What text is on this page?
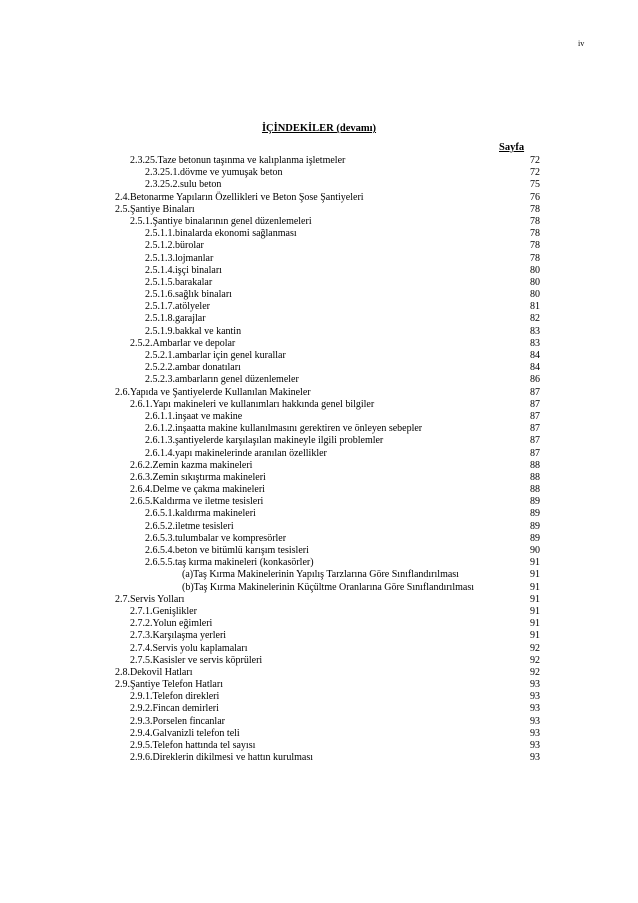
iv
İÇİNDEKİLER (devamı)
Sayfa
2.3.25.Taze betonun taşınma ve kalıplanma işletmeler	72
2.3.25.1.dövme ve yumuşak beton	72
2.3.25.2.sulu beton	75
2.4.Betonarme Yapıların Özellikleri ve Beton Şose Şantiyeleri	76
2.5.Şantiye Binaları	78
2.5.1.Şantiye binalarının genel düzenlemeleri	78
2.5.1.1.binalarda ekonomi sağlanması	78
2.5.1.2.bürolar	78
2.5.1.3.lojmanlar	78
2.5.1.4.işçi binaları	80
2.5.1.5.barakalar	80
2.5.1.6.sağlık binaları	80
2.5.1.7.atölyeler	81
2.5.1.8.garajlar	82
2.5.1.9.bakkal ve kantin	83
2.5.2.Ambarlar ve depolar	83
2.5.2.1.ambarlar için genel kurallar	84
2.5.2.2.ambar donatıları	84
2.5.2.3.ambarların genel düzenlemeler	86
2.6.Yapıda ve Şantiyelerde Kullanılan Makineler	87
2.6.1.Yapı makineleri ve kullanımları hakkında genel bilgiler	87
2.6.1.1.inşaat ve makine	87
2.6.1.2.inşaatta makine kullanılmasını gerektiren ve önleyen sebepler	87
2.6.1.3.şantiyelerde karşılaşılan makineyle ilgili problemler	87
2.6.1.4.yapı makinelerinde aranılan özellikler	87
2.6.2.Zemin kazma makineleri	88
2.6.3.Zemin sıkıştırma makineleri	88
2.6.4.Delme ve çakma makineleri	88
2.6.5.Kaldırma ve iletme tesisleri	89
2.6.5.1.kaldırma makineleri	89
2.6.5.2.iletme tesisleri	89
2.6.5.3.tulumbalar ve kompresörler	89
2.6.5.4.beton ve bitümlü karışım tesisleri	90
2.6.5.5.taş kırma makineleri (konkasörler)	91
(a)Taş Kırma Makinelerinin Yapılış Tarzlarına Göre Sınıflandırılması	91
(b)Taş Kırma Makinelerinin Küçültme Oranlarına Göre Sınıflandırılması	91
2.7.Servis Yolları	91
2.7.1.Genişlikler	91
2.7.2.Yolun eğimleri	91
2.7.3.Karşılaşma yerleri	91
2.7.4.Servis yolu kaplamaları	92
2.7.5.Kasisler ve servis köprüleri	92
2.8.Dekovil Hatları	92
2.9.Şantiye Telefon Hatları	93
2.9.1.Telefon direkleri	93
2.9.2.Fincan demirleri	93
2.9.3.Porselen fincanlar	93
2.9.4.Galvanizli telefon teli	93
2.9.5.Telefon hattında tel sayısı	93
2.9.6.Direklerin dikilmesi ve hattın kurulması	93
